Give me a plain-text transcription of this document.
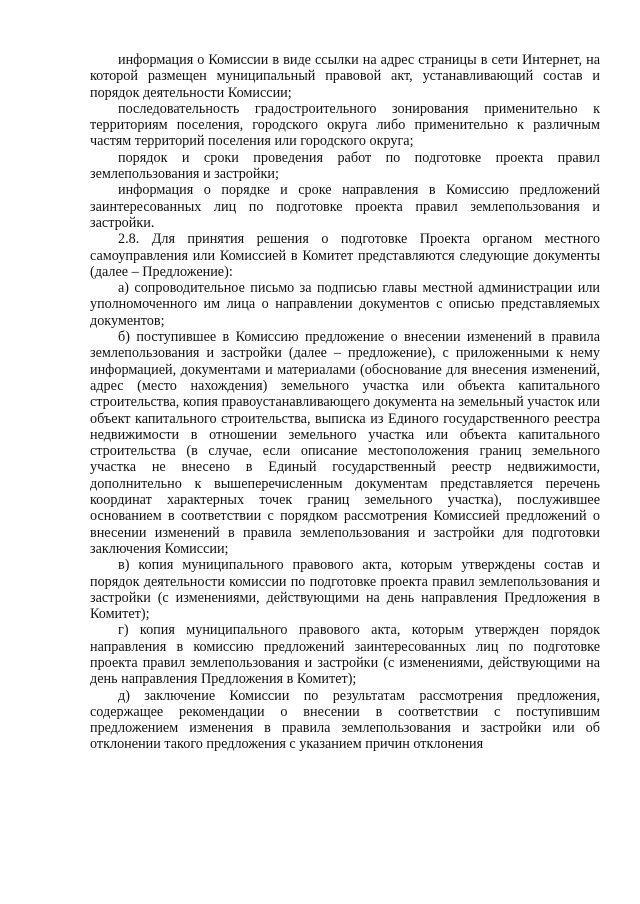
информация о Комиссии в виде ссылки на адрес страницы в сети Интернет, на которой размещен муниципальный правовой акт, устанавливающий состав и порядок деятельности Комиссии;

последовательность градостроительного зонирования применительно к территориям поселения, городского округа либо применительно к различным частям территорий поселения или городского округа;

порядок и сроки проведения работ по подготовке проекта правил землепользования и застройки;

информация о порядке и сроке направления в Комиссию предложений заинтересованных лиц по подготовке проекта правил землепользования и застройки.

2.8. Для принятия решения о подготовке Проекта органом местного самоуправления или Комиссией в Комитет представляются следующие документы (далее – Предложение):

а) сопроводительное письмо за подписью главы местной администрации или уполномоченного им лица о направлении документов с описью представляемых документов;

б) поступившее в Комиссию предложение о внесении изменений в правила землепользования и застройки (далее – предложение), с приложенными к нему информацией, документами и материалами (обоснование для внесения изменений, адрес (место нахождения) земельного участка или объекта капитального строительства, копия правоустанавливающего документа на земельный участок или объект капитального строительства, выписка из Единого государственного реестра недвижимости в отношении земельного участка или объекта капитального строительства (в случае, если описание местоположения границ земельного участка не внесено в Единый государственный реестр недвижимости, дополнительно к вышеперечисленным документам представляется перечень координат характерных точек границ земельного участка), послужившее основанием в соответствии с порядком рассмотрения Комиссией предложений о внесении изменений в правила землепользования и застройки для подготовки заключения Комиссии;

в) копия муниципального правового акта, которым утверждены состав и порядок деятельности комиссии по подготовке проекта правил землепользования и застройки (с изменениями, действующими на день направления Предложения в Комитет);

г) копия муниципального правового акта, которым утвержден порядок направления в комиссию предложений заинтересованных лиц по подготовке проекта правил землепользования и застройки (с изменениями, действующими на день направления Предложения в Комитет);

д) заключение Комиссии по результатам рассмотрения предложения, содержащее рекомендации о внесении в соответствии с поступившим предложением изменения в правила землепользования и застройки или об отклонении такого предложения с указанием причин отклонения
